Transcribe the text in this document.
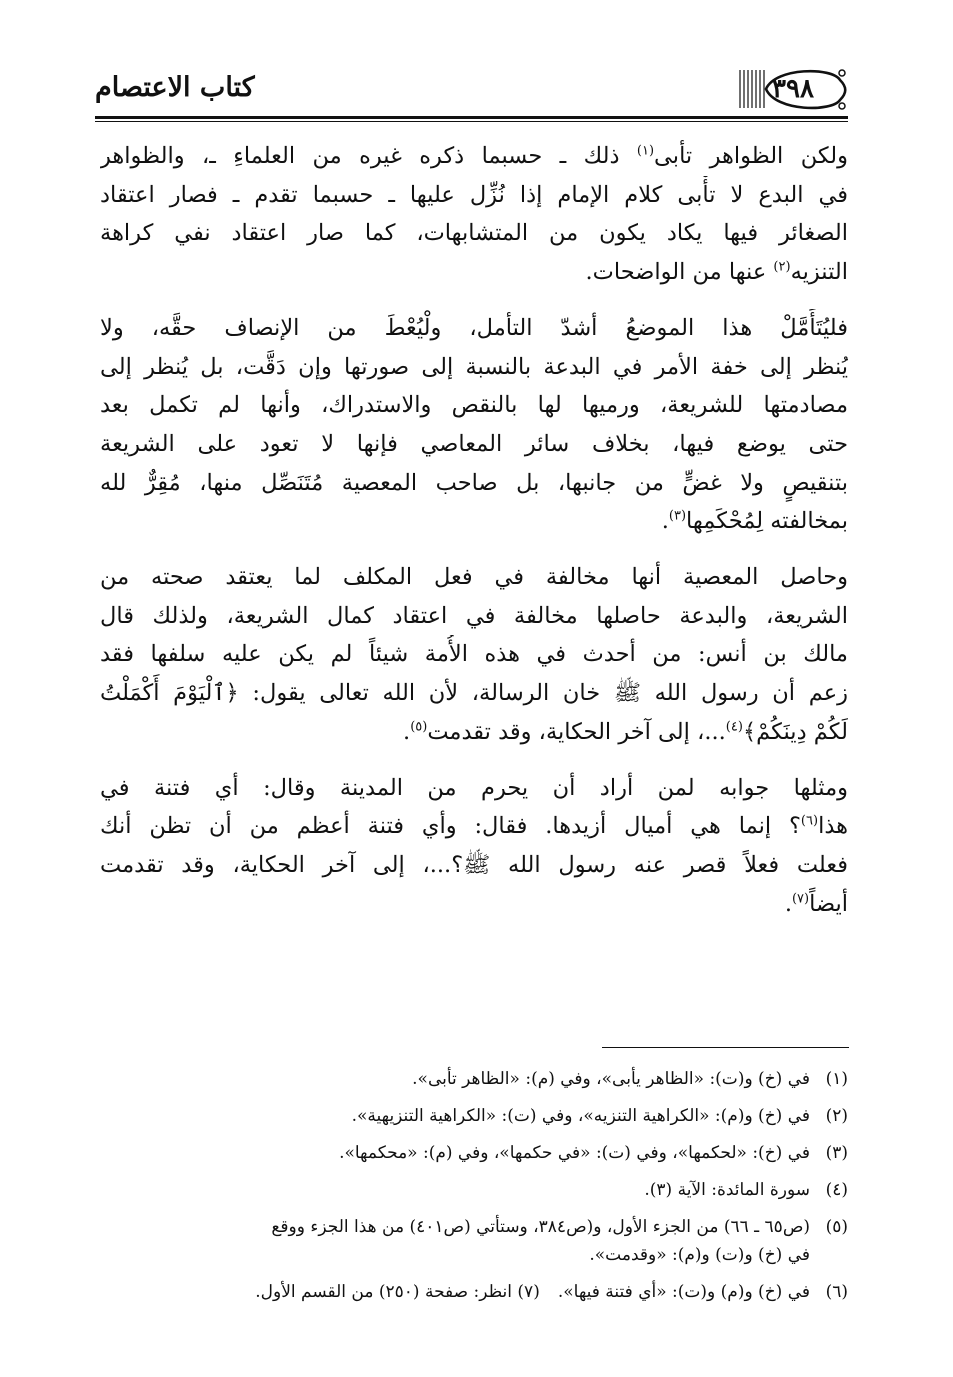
كتاب الاعتصام	٣٩٨

ولكن الظواهر تأبى$^{(١)}$ ذلك ـ حسبما ذكره غيره من العلماءِ ـ، والظواهر
في البدع لا تأْبى كلام الإمام إذا نُزِّل عليها ـ حسبما تقدم ـ فصار اعتقاد
الصغائر فيها يكاد يكون من المتشابهات، كما صار اعتقاد نفي كراهة
التنزيه$^{(٢)}$ عنها من الواضحات.

فليُتَأَمَّلْ هذا الموضعُ أشدّ التأمل، ولْيُعْطَ من الإنصاف حقَّه، ولا
يُنظر إلى خفة الأمر في البدعة بالنسبة إلى صورتها وإن دَقَّت، بل يُنظر إلى
مصادمتها للشريعة، ورميها لها بالنقص والاستدراك، وأنها لم تكمل بعد
حتى يوضع فيها، بخلاف سائر المعاصي فإنها لا تعود على الشريعة
بتنقيصٍ ولا غضٍّ من جانبها، بل صاحب المعصية مُتَنَصِّل منها، مُقِرٌّ لله
بمخالفته لِمُحْكَمِها$^{(٣)}$.

وحاصل المعصية أنها مخالفة في فعل المكلف لما يعتقد صحته من
الشريعة، والبدعة حاصلها مخالفة في اعتقاد كمال الشريعة، ولذلك قال
مالك بن أنس: من أحدث في هذه الأُمة شيئاً لم يكن عليه سلفها فقد
زعم أن رسول الله ﷺ خان الرسالة، لأن الله تعالى يقول: ﴿ٱلْيَوْمَ أَكْمَلْتُ
لَكُمْ دِينَكُمْ﴾$^{(٤)}$...، إلى آخر الحكاية، وقد تقدمت$^{(٥)}$.

ومثلها جوابه لمن أراد أن يحرم من المدينة وقال: أي فتنة في
هذا$^{(٦)}$؟ إنما هي أميال أزيدها. فقال: وأي فتنة أعظم من أن تظن أنك
فعلت فعلاً قصر عنه رسول الله ﷺ؟...، إلى آخر الحكاية، وقد تقدمت
أيضاً$^{(٧)}$.

(١)في (خ) و(ت): «الظاهر يأبى»، وفي (م): «الظاهر تأبى».
(٢)في (خ) و(م): «الكراهية التنزيه»، وفي (ت): «الكراهية التنزيهية».
(٣)في (خ): «لحكمها»، وفي (ت): «في حكمها»، وفي (م): «محكمها».
(٤)سورة المائدة: الآية (٣).
(٥)(ص٦٥ ـ ٦٦) من الجزء الأول، و(ص٣٨٤، وستأتي (ص٤٠١) من هذا الجزء ووقع
في (خ) و(ت) و(م): «وقدمت».
(٦)في (خ) و(م) و(ت): «أي فتنة فيها».(٧) انظر: صفحة (٢٥٠) من القسم الأول.
